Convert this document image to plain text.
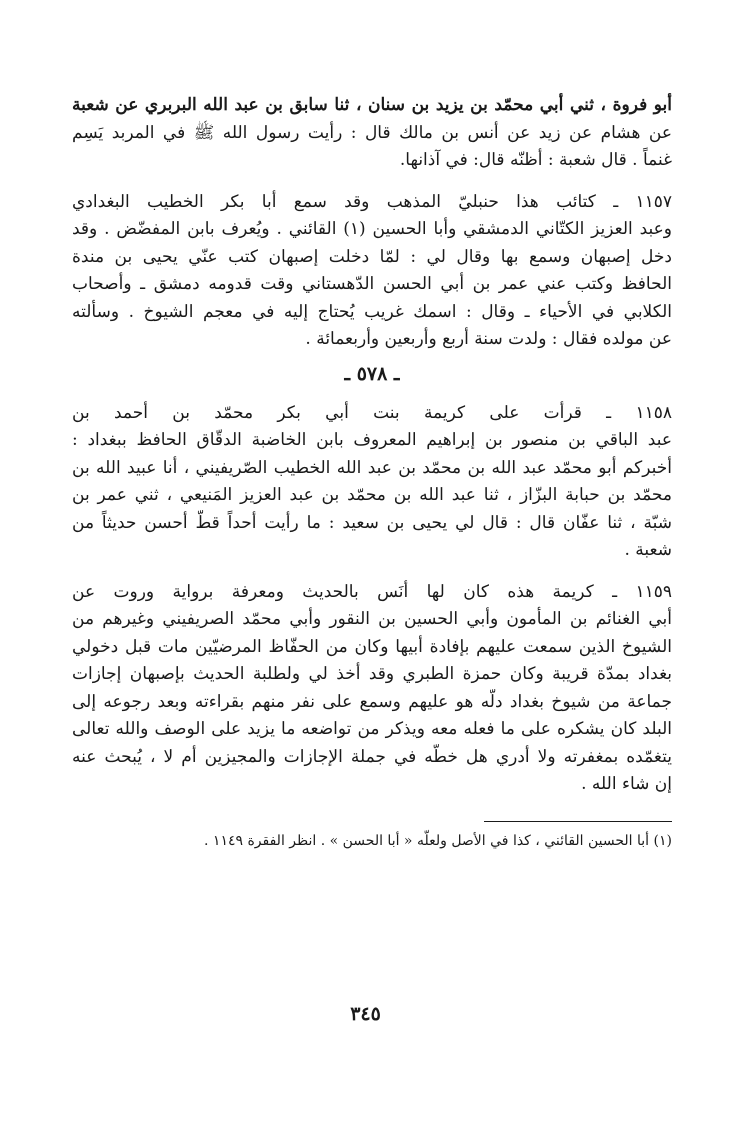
أبو فروة ، ثني أبي محمّد بن يزيد بن سنان ، ثنا سابق بن عبد الله البربري عن شعبة
عن هشام عن زيد عن أنس بن مالك قال : رأيت رسول الله ﷺ في المربد يَسِم
غنماً . قال شعبة : أظنّه قال: في آذانها.
١١٥٧ ـ كتائب هذا حنبليّ المذهب وقد سمع أبا بكر الخطيب البغدادي
وعبد العزيز الكتّاني الدمشقي وأبا الحسين (١) القائني . ويُعرف بابن المفضّض . وقد
دخل إصبهان وسمع بها وقال لي : لمّا دخلت إصبهان كتب عنّي يحيى بن مندة
الحافظ وكتب عني عمر بن أبي الحسن الدّهستاني وقت قدومه دمشق ـ وأصحاب
الكلابي في الأحياء ـ وقال : اسمك غريب يُحتاج إليه في معجم الشيوخ . وسألته
عن مولده فقال : ولدت سنة أربع وأربعين وأربعمائة .
ـ ٥٧٨ ـ
١١٥٨ ـ قرأت على كريمة بنت أبي بكر محمّد بن أحمد بن
عبد الباقي بن منصور بن إبراهيم المعروف بابن الخاضبة الدقّاق الحافظ ببغداد :
أخبركم أبو محمّد عبد الله بن محمّد بن عبد الله الخطيب الصّريفيني ، أنا عبيد الله بن
محمّد بن حبابة البزّاز ، ثنا عبد الله بن محمّد بن عبد العزيز المَنيعي ، ثني عمر بن
شبّة ، ثنا عفّان قال : قال لي يحيى بن سعيد : ما رأيت أحداً قطّ أحسن حديثاً من
شعبة .
١١٥٩ ـ كريمة هذه كان لها أنَس بالحديث ومعرفة برواية وروت عن
أبي الغنائم بن المأمون وأبي الحسين بن النقور وأبي محمّد الصريفيني وغيرهم من
الشيوخ الذين سمعت عليهم بإفادة أبيها وكان من الحفّاظ المرضيّين مات قبل دخولي
بغداد بمدّة قريبة وكان حمزة الطبري وقد أخذ لي ولطلبة الحديث بإصبهان إجازات
جماعة من شيوخ بغداد دلّه هو عليهم وسمع على نفر منهم بقراءته وبعد رجوعه إلى
البلد كان يشكره على ما فعله معه ويذكر من تواضعه ما يزيد على الوصف والله تعالى
يتغمّده بمغفرته ولا أدري هل خطّه في جملة الإجازات والمجيزين أم لا ، يُبحث عنه
إن شاء الله .
(١) أبا الحسين القائني ، كذا في الأصل ولعلّه « أبا الحسن » . انظر الفقرة ١١٤٩ .
٣٤٥
